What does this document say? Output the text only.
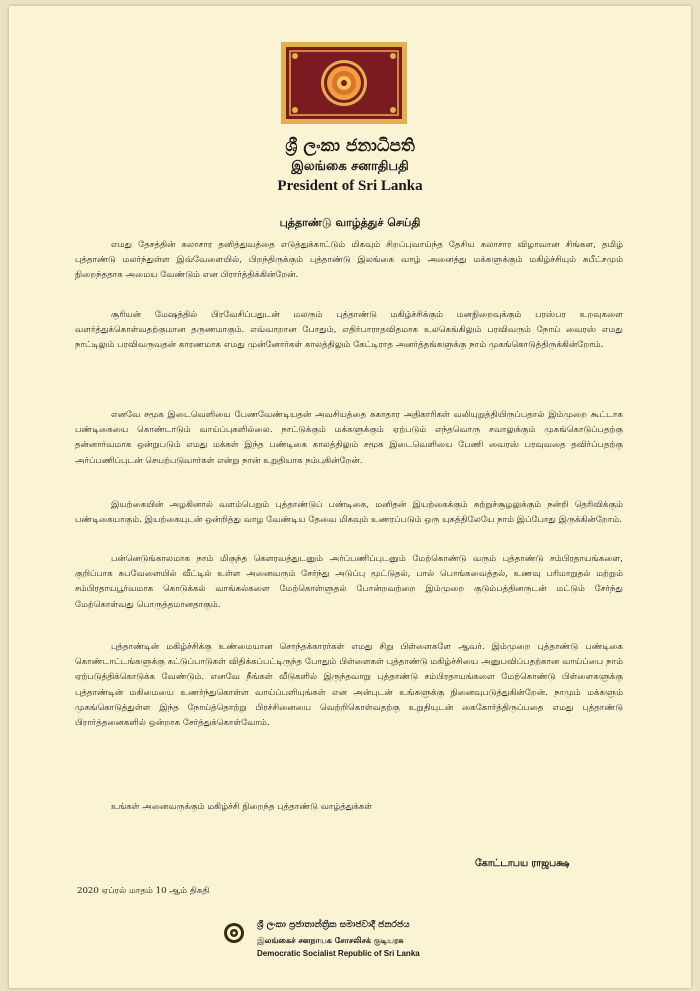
ශ්‍රී ලංකා ජනාධිපති
இலங்கை சனாதிபதி
President of Sri Lanka
புத்தாண்டு வாழ்த்துச் செய்தி

எமது தேசத்தின் கலாசார தனித்துவத்தை எடுத்துக்காட்டும் மிகவும் சிறப்புவாய்ந்த தேசிய கலாசார விழாவான சிங்கள, தமிழ் புத்தாண்டு மலர்ந்துள்ள இவ்வேளையில், பிறந்திருக்கும் புத்தாண்டு இலங்கை வாழ் அனைத்து மக்களுக்கும் மகிழ்ச்சியும் சுபீட்சமும் நிறைந்ததாக அமைய வேண்டும் என பிரார்த்திக்கின்றேன்.

சூரியன் மேஷத்தில் பிரவேசிப்பதுடன் மலரும் புத்தாண்டு மகிழ்ச்சிக்கும் மனநிறைவுக்கும் பரஸ்பர உறவுகளை வளர்த்துக்கொள்வதற்குமான தருணமாகும். எவ்வாறான போதும், எதிர்பாராதவிதமாக உலகெங்கிலும் பரவிவரும் நோய் வைரஸ் எமது நாட்டிலும் பரவிவருவதன் காரணமாக எமது முன்னோர்கள் காலத்திலும் கேட்டிராத அனர்த்தங்களுக்கு நாம் முகங்கொடுத்திருக்கின்றோம்.

எனவே சமூக இடைவெளியை பேணவேண்டியதன் அவசியத்தை சுகாதார அதிகாரிகள் வலியுறுத்தியிருப்பதால் இம்முறை கூட்டாக பண்டிகையை கொண்டாடும் வாய்ப்புகளில்லை. நாட்டுக்கும் மக்களுக்கும் ஏற்படும் எந்தவொரு சவாலுக்கும் முகங்கொடுப்பதற்கு தன்னார்வமாக ஒன்றுபடும் எமது மக்கள் இந்த பண்டிகை காலத்திலும் சமூக இடைவெளியை பேணி வைரஸ் பரவுவதை தவிர்ப்பதற்கு அர்ப்பணிப்புடன் செயற்படுவார்கள் என்று நான் உறுதியாக நம்புகின்றேன்.

இயற்கையின் அழகினால் வளம்பெறும் புத்தாண்டுப் பண்டிகை, மனிதன் இயற்கைக்கும் சுற்றுச்சூழலுக்கும் நன்றி தெரிவிக்கும் பண்டிகையாகும். இயற்கையுடன் ஒன்றித்து வாழ வேண்டிய தேவை மிகவும் உணரப்படும் ஒரு யுகத்திலேயே நாம் இப்போது இருக்கின்றோம்.

பன்னெடுங்காலமாக நாம் மிகுந்த கௌரவத்துடனும் அர்ப்பணிப்புடனும் மேற்கொண்டு வரும் புத்தாண்டு சம்பிரதாயங்களை, குறிப்பாக சுபவேளையில் வீட்டில் உள்ள அனைவரும் சேர்ந்து அடுப்பு மூட்டுதல், பால் பொங்கவைத்தல், உணவு பரிமாறுதல் மற்றும் சம்பிரதாயபூர்வமாக கொடுக்கல் வாங்கல்களை மேற்கொள்ளுதல் போன்றவற்றை இம்முறை குடும்பத்தினருடன் மட்டும் சேர்ந்து மேற்கொள்வது பொருத்தமானதாகும்.

புத்தாண்டின் மகிழ்ச்சிக்கு உண்மையான சொந்தக்காரர்கள் எமது சிறு பிள்ளைகளே ஆவர். இம்முறை புத்தாண்டு பண்டிகை கொண்டாட்டங்களுக்கு கட்டுப்பாடுகள் விதிக்கப்பட்டிருந்த போதும் பிள்ளைகள் புத்தாண்டு மகிழ்ச்சியை அனுபவிப்பதற்கான வாய்ப்பை நாம் ஏற்படுத்திக்கொடுக்க வேண்டும். எனவே நீங்கள் வீடுகளில் இருந்தவாறு புத்தாண்டு சம்பிரதாயங்களை மேற்கொண்டு பிள்ளைகளுக்கு புத்தாண்டின் மகிமையை உணர்ந்துகொள்ள வாய்ப்பளியுங்கள் என அன்புடன் உங்களுக்கு நினைவுபடுத்துகின்றேன். நாமும் மக்களும் முகங்கொடுத்துள்ள இந்த நோய்த்தொற்று பிரச்சினையை வெற்றிகொள்வதற்கு உறுதியுடன் கைகோர்த்திருப்பதை எமது புத்தாண்டு பிரார்த்தனைகளில் ஒன்றாக சேர்த்துக்கொள்வோம்.

உங்கள் அனைவருக்கும் மகிழ்ச்சி நிறைந்த புத்தாண்டு வாழ்த்துக்கள்
கோட்டாபய ராஜபக்ஷ
2020 ஏப்ரல் மாதம் 10 ஆம் திகதி
ශ්‍රී ලංකා ප්‍රජාතාන්ත්‍රික සමාජවාදී ජනරජය
இலங்கைச் சனநாயக சோசலிசக் குடியரசு
Democratic Socialist Republic of Sri Lanka
